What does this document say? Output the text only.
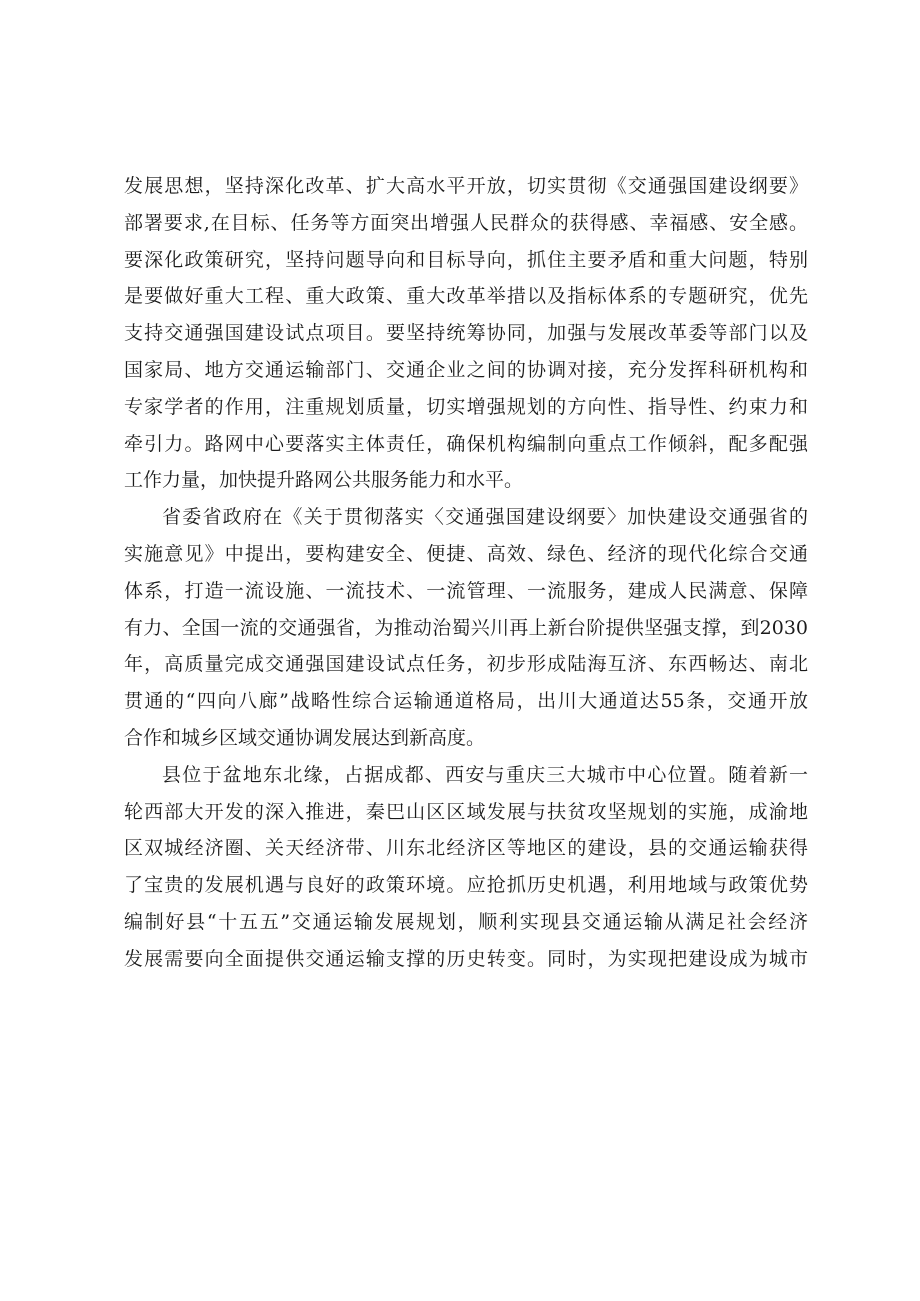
发展思想，坚持深化改革、扩大高水平开放，切实贯彻《交通强国建设纲要》
部署要求,在目标、任务等方面突出增强人民群众的获得感、幸福感、安全感。
要深化政策研究，坚持问题导向和目标导向，抓住主要矛盾和重大问题，特别
是要做好重大工程、重大政策、重大改革举措以及指标体系的专题研究，优先
支持交通强国建设试点项目。要坚持统筹协同，加强与发展改革委等部门以及
国家局、地方交通运输部门、交通企业之间的协调对接，充分发挥科研机构和
专家学者的作用，注重规划质量，切实增强规划的方向性、指导性、约束力和
牵引力。路网中心要落实主体责任，确保机构编制向重点工作倾斜，配多配强
工作力量，加快提升路网公共服务能力和水平。
省委省政府在《关于贯彻落实〈交通强国建设纲要〉加快建设交通强省的
实施意见》中提出，要构建安全、便捷、高效、绿色、经济的现代化综合交通
体系，打造一流设施、一流技术、一流管理、一流服务，建成人民满意、保障
有力、全国一流的交通强省，为推动治蜀兴川再上新台阶提供坚强支撑，到2030
年，高质量完成交通强国建设试点任务，初步形成陆海互济、东西畅达、南北
贯通的“四向八廊”战略性综合运输通道格局，出川大通道达55条，交通开放
合作和城乡区域交通协调发展达到新高度。
县位于盆地东北缘，占据成都、西安与重庆三大城市中心位置。随着新一
轮西部大开发的深入推进，秦巴山区区域发展与扶贫攻坚规划的实施，成渝地
区双城经济圈、关天经济带、川东北经济区等地区的建设，县的交通运输获得
了宝贵的发展机遇与良好的政策环境。应抢抓历史机遇，利用地域与政策优势
编制好县“十五五”交通运输发展规划，顺利实现县交通运输从满足社会经济
发展需要向全面提供交通运输支撑的历史转变。同时，为实现把建设成为城市
